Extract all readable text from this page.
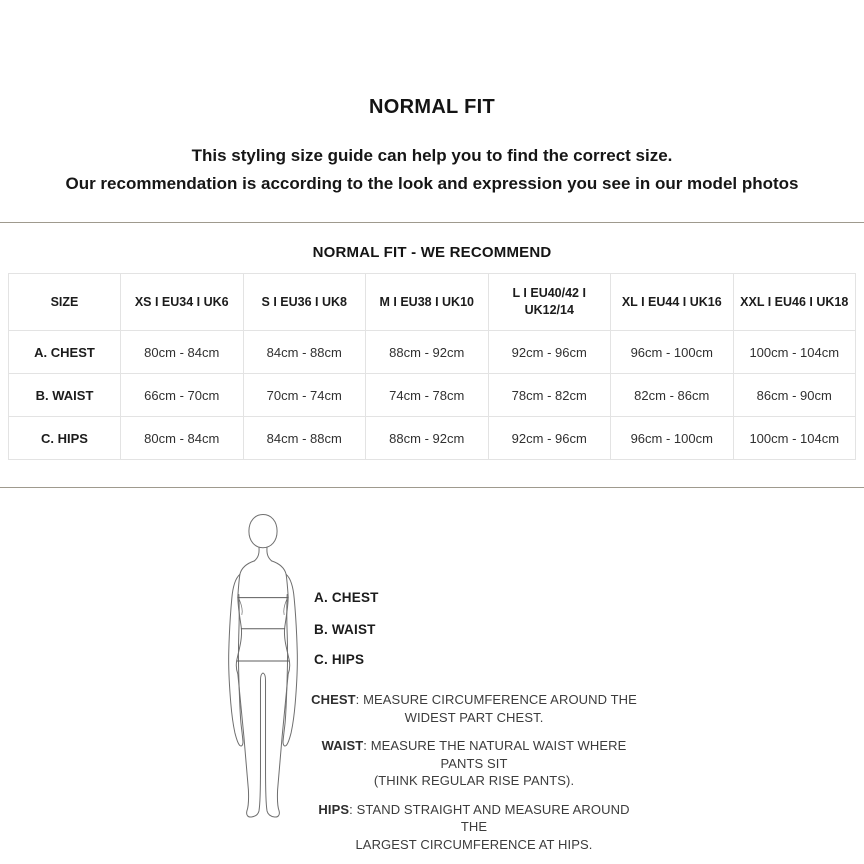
NORMAL FIT
This styling size guide can help you to find the correct size.
Our recommendation is according to the look and expression you see in our model photos
NORMAL FIT - WE RECOMMEND
SIZE	XS I EU34 I UK6	S I EU36 I UK8	M I EU38 I UK10	L I EU40/42 I UK12/14	XL I EU44 I UK16	XXL I EU46 I UK18
A. CHEST	80cm - 84cm	84cm - 88cm	88cm - 92cm	92cm - 96cm	96cm - 100cm	100cm - 104cm
B. WAIST	66cm - 70cm	70cm - 74cm	74cm - 78cm	78cm - 82cm	82cm - 86cm	86cm - 90cm
C. HIPS	80cm - 84cm	84cm - 88cm	88cm - 92cm	92cm - 96cm	96cm - 100cm	100cm - 104cm
A. CHEST
B. WAIST
C. HIPS

CHEST: MEASURE CIRCUMFERENCE AROUND THE
WIDEST PART CHEST.

WAIST: MEASURE THE NATURAL WAIST WHERE PANTS SIT
(THINK REGULAR RISE PANTS).

HIPS: STAND STRAIGHT AND MEASURE AROUND THE
LARGEST CIRCUMFERENCE AT HIPS.
